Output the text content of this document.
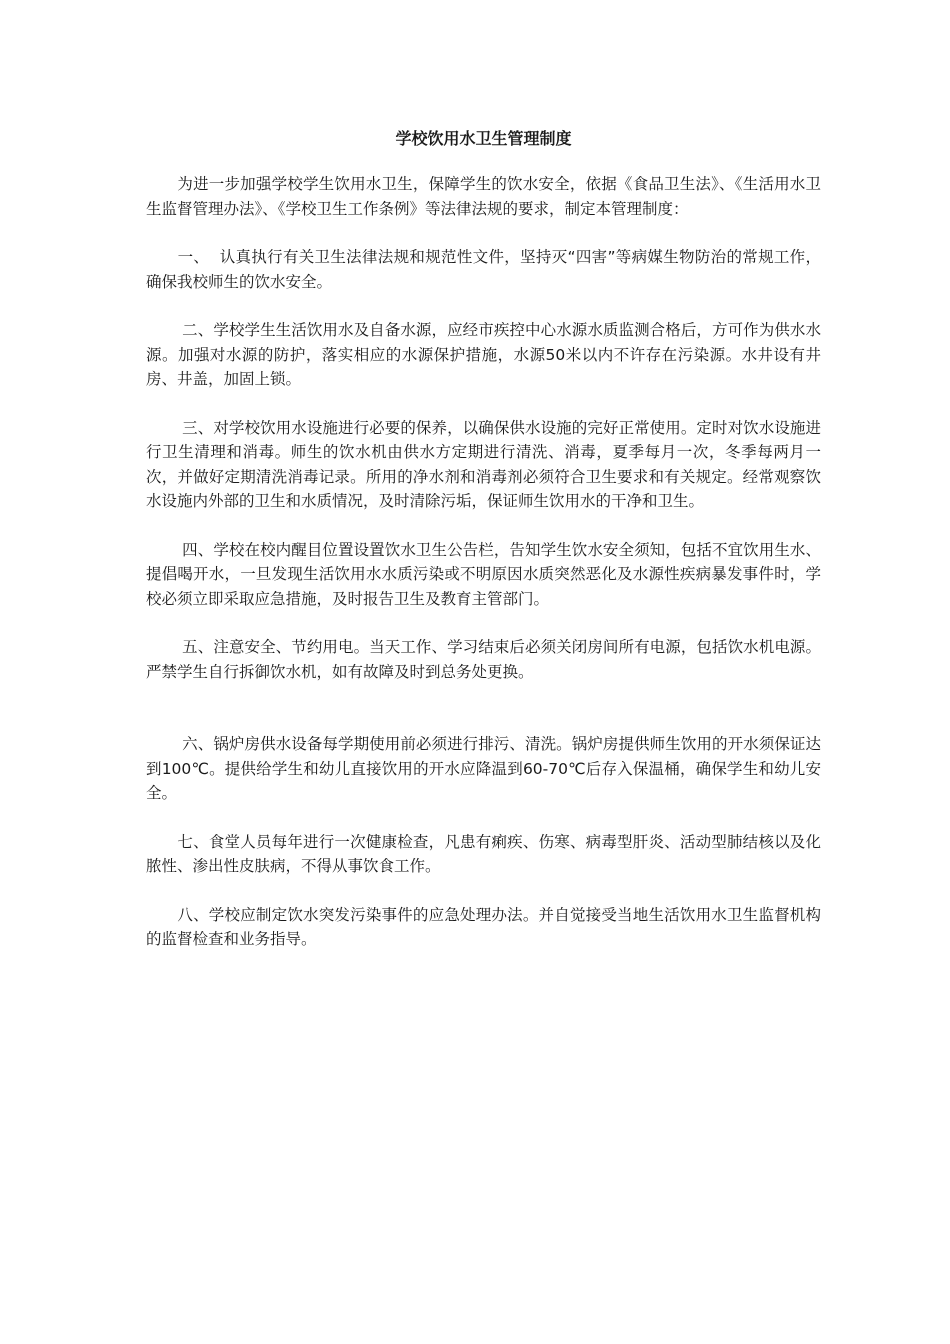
学校饮用水卫生管理制度

　　为进一步加强学校学生饮用水卫生，保障学生的饮水安全，依据《食品卫生法》、《生活用水卫生监督管理办法》、《学校卫生工作条例》等法律法规的要求，制定本管理制度：

　　一、  认真执行有关卫生法律法规和规范性文件，坚持灭“四害”等病媒生物防治的常规工作，确保我校师生的饮水安全。

　　 二、学校学生生活饮用水及自备水源，应经市疾控中心水源水质监测合格后，方可作为供水水源。加强对水源的防护，落实相应的水源保护措施，水源50米以内不许存在污染源。水井设有井房、井盖，加固上锁。

　　 三、对学校饮用水设施进行必要的保养，以确保供水设施的完好正常使用。定时对饮水设施进行卫生清理和消毒。师生的饮水机由供水方定期进行清洗、消毒，夏季每月一次，冬季每两月一次，并做好定期清洗消毒记录。所用的净水剂和消毒剂必须符合卫生要求和有关规定。经常观察饮水设施内外部的卫生和水质情况，及时清除污垢，保证师生饮用水的干净和卫生。

　　 四、学校在校内醒目位置设置饮水卫生公告栏，告知学生饮水安全须知，包括不宜饮用生水、提倡喝开水，一旦发现生活饮用水水质污染或不明原因水质突然恶化及水源性疾病暴发事件时，学校必须立即采取应急措施，及时报告卫生及教育主管部门。

　　 五、注意安全、节约用电。当天工作、学习结束后必须关闭房间所有电源，包括饮水机电源。严禁学生自行拆御饮水机，如有故障及时到总务处更换。

　　 六、锅炉房供水设备每学期使用前必须进行排污、清洗。锅炉房提供师生饮用的开水须保证达到100℃。提供给学生和幼儿直接饮用的开水应降温到60-70℃后存入保温桶，确保学生和幼儿安全。

　　七、食堂人员每年进行一次健康检查，凡患有痢疾、伤寒、病毒型肝炎、活动型肺结核以及化脓性、渗出性皮肤病，不得从事饮食工作。

　　八、学校应制定饮水突发污染事件的应急处理办法。并自觉接受当地生活饮用水卫生监督机构的监督检查和业务指导。
